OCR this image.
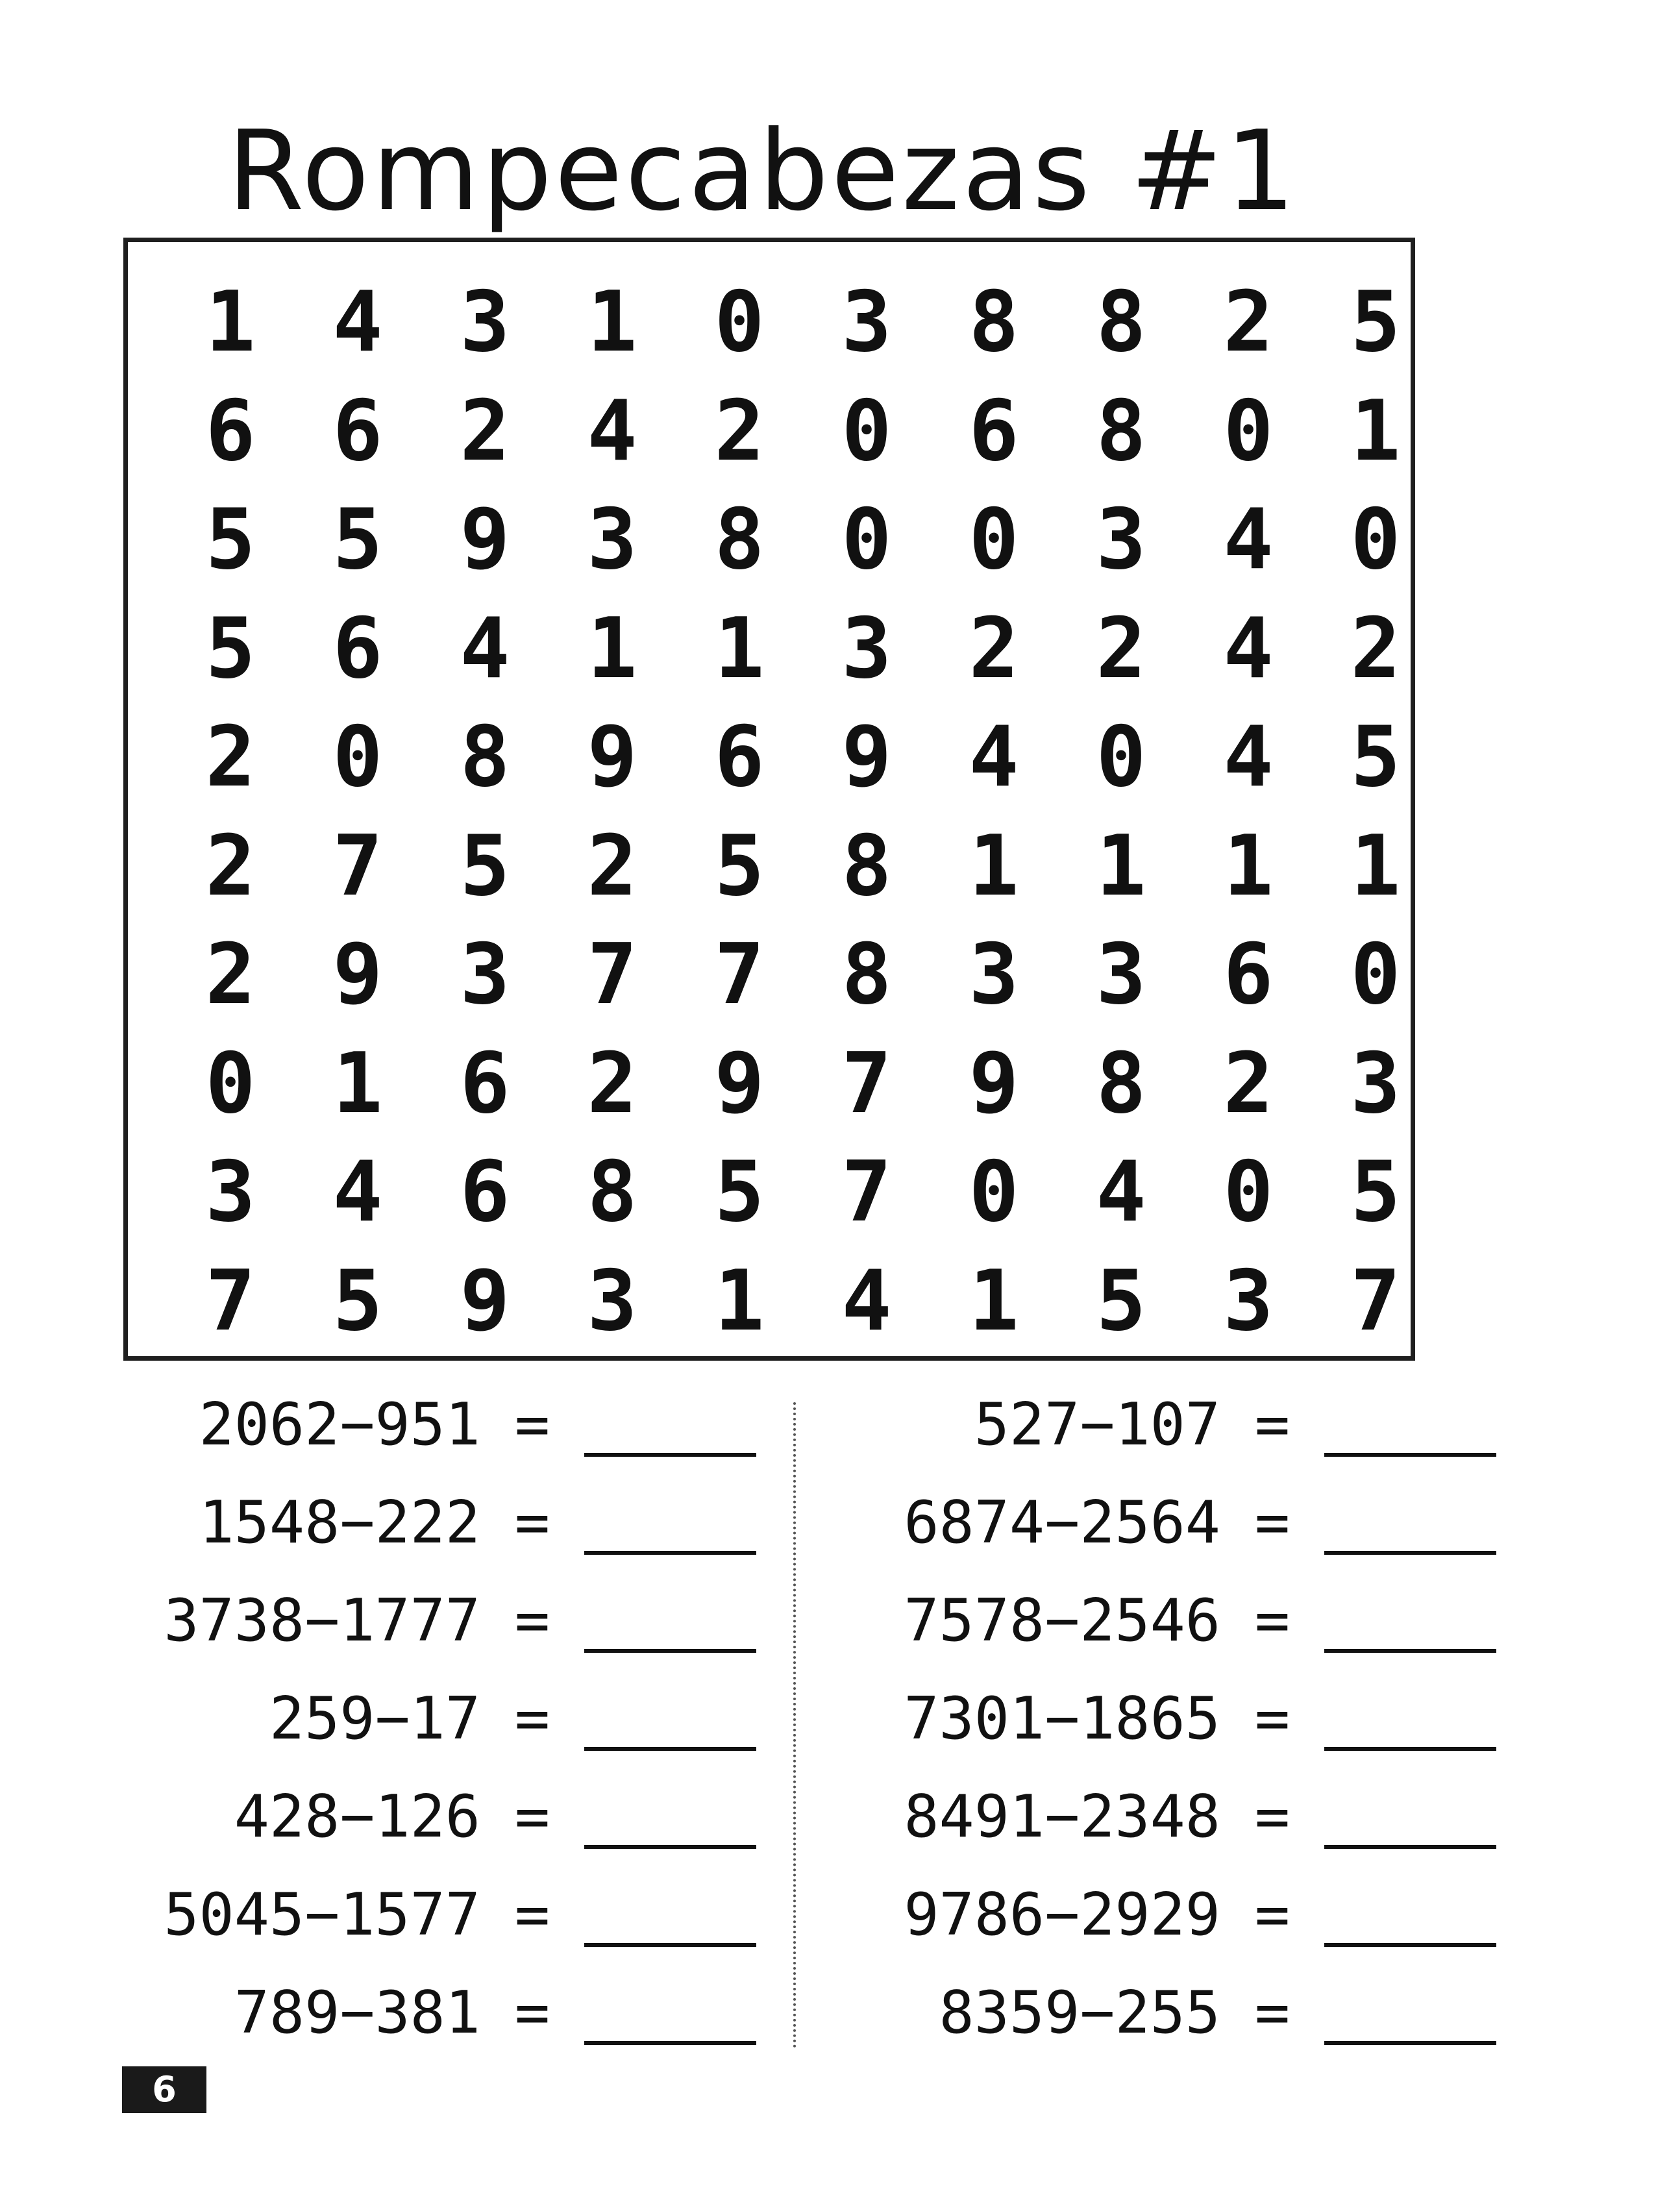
Rompecabezas #1
1 4 3 1 0 3 8 8 2 5
6 6 2 4 2 0 6 8 0 1
5 5 9 3 8 0 0 3 4 0
5 6 4 1 1 3 2 2 4 2
2 0 8 9 6 9 4 0 4 5
2 7 5 2 5 8 1 1 1 1
2 9 3 7 7 8 3 3 6 0
0 1 6 2 9 7 9 8 2 3
3 4 6 8 5 7 0 4 0 5
7 5 9 3 1 4 1 5 3 7
2062−951 =
1548−222 =
3738−1777 =
259−17 =
428−126 =
5045−1577 =
789−381 =
527−107 =
6874−2564 =
7578−2546 =
7301−1865 =
8491−2348 =
9786−2929 =
8359−255 =
6
